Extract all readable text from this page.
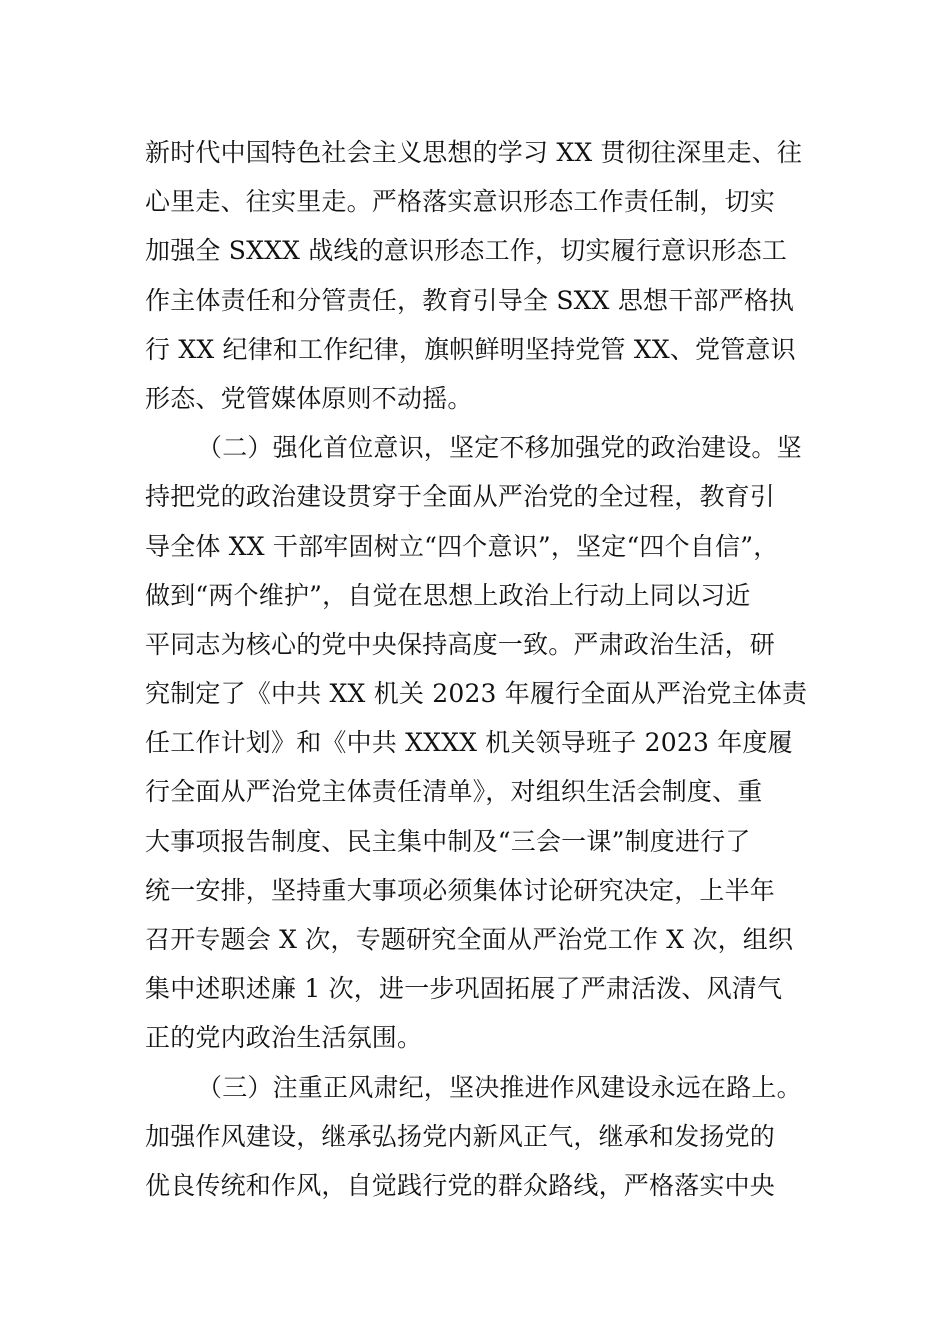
新时代中国特色社会主义思想的学习 XX 贯彻往深里走、往
心里走、往实里走。严格落实意识形态工作责任制，切实
加强全 SXXX 战线的意识形态工作，切实履行意识形态工
作主体责任和分管责任，教育引导全 SXX 思想干部严格执
行 XX 纪律和工作纪律，旗帜鲜明坚持党管 XX、党管意识
形态、党管媒体原则不动摇。
（二）强化首位意识，坚定不移加强党的政治建设。坚
持把党的政治建设贯穿于全面从严治党的全过程，教育引
导全体 XX 干部牢固树立“四个意识”，坚定“四个自信”，
做到“两个维护”，自觉在思想上政治上行动上同以习近
平同志为核心的党中央保持高度一致。严肃政治生活，研
究制定了《中共 XX 机关 2023 年履行全面从严治党主体责
任工作计划》和《中共 XXXX 机关领导班子 2023 年度履
行全面从严治党主体责任清单》，对组织生活会制度、重
大事项报告制度、民主集中制及“三会一课”制度进行了
统一安排，坚持重大事项必须集体讨论研究决定，上半年
召开专题会 X 次，专题研究全面从严治党工作 X 次，组织
集中述职述廉 1 次，进一步巩固拓展了严肃活泼、风清气
正的党内政治生活氛围。
（三）注重正风肃纪，坚决推进作风建设永远在路上。
加强作风建设，继承弘扬党内新风正气，继承和发扬党的
优良传统和作风，自觉践行党的群众路线，严格落实中央
